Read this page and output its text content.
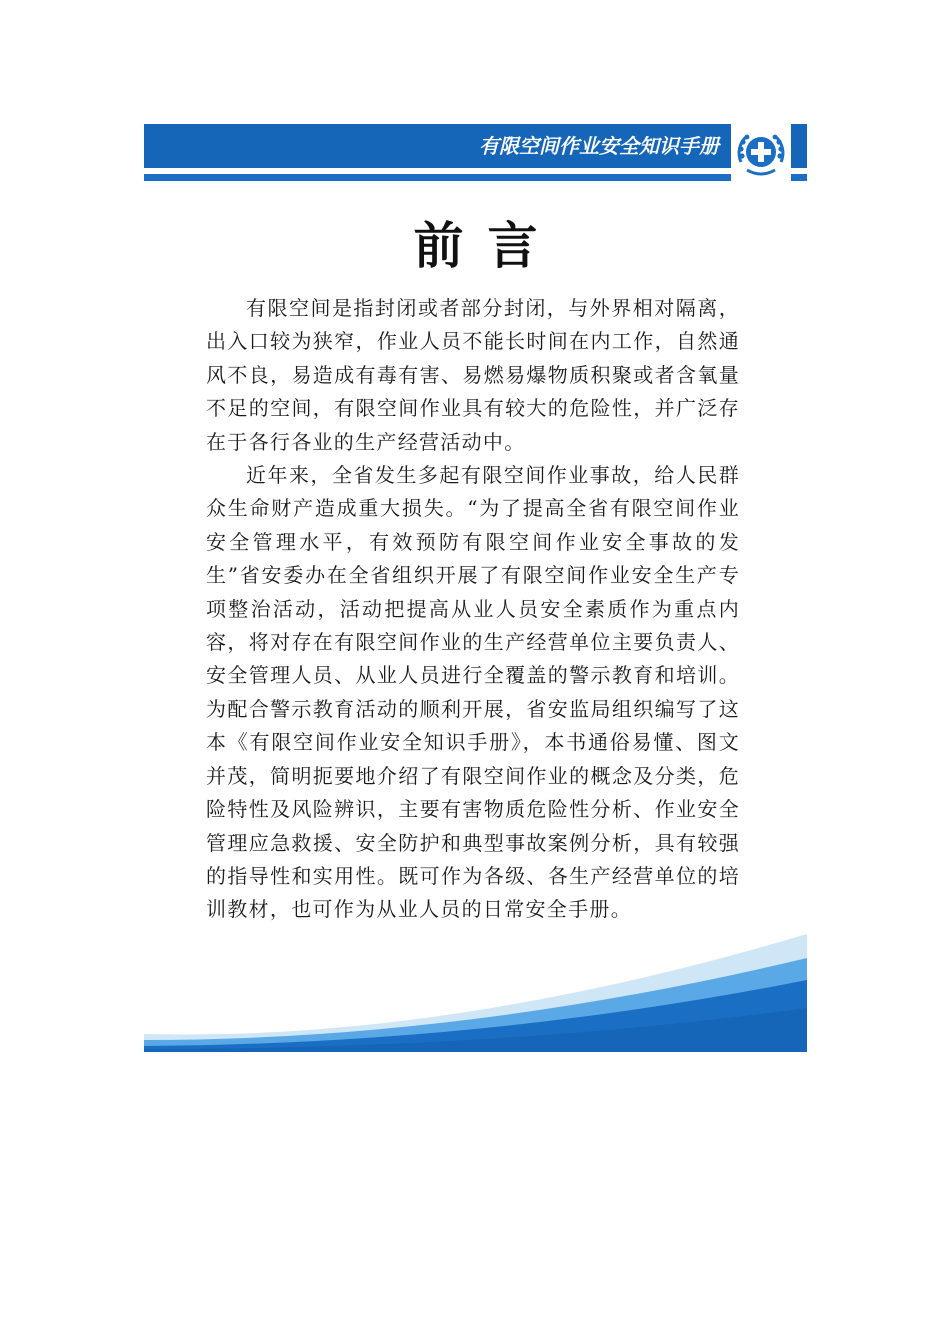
有限空间作业安全知识手册
前言

有限空间是指封闭或者部分封闭，与外界相对隔离，出入口较为狭窄，作业人员不能长时间在内工作，自然通风不良，易造成有毒有害、易燃易爆物质积聚或者含氧量不足的空间，有限空间作业具有较大的危险性，并广泛存在于各行各业的生产经营活动中。

近年来，全省发生多起有限空间作业事故，给人民群众生命财产造成重大损失。“为了提高全省有限空间作业安全管理水平，有效预防有限空间作业安全事故的发生”省安委办在全省组织开展了有限空间作业安全生产专项整治活动，活动把提高从业人员安全素质作为重点内容，将对存在有限空间作业的生产经营单位主要负责人、安全管理人员、从业人员进行全覆盖的警示教育和培训。为配合警示教育活动的顺利开展，省安监局组织编写了这本《有限空间作业安全知识手册》，本书通俗易懂、图文并茂，简明扼要地介绍了有限空间作业的概念及分类，危险特性及风险辨识，主要有害物质危险性分析、作业安全管理应急救援、安全防护和典型事故案例分析，具有较强的指导性和实用性。既可作为各级、各生产经营单位的培训教材，也可作为从业人员的日常安全手册。
